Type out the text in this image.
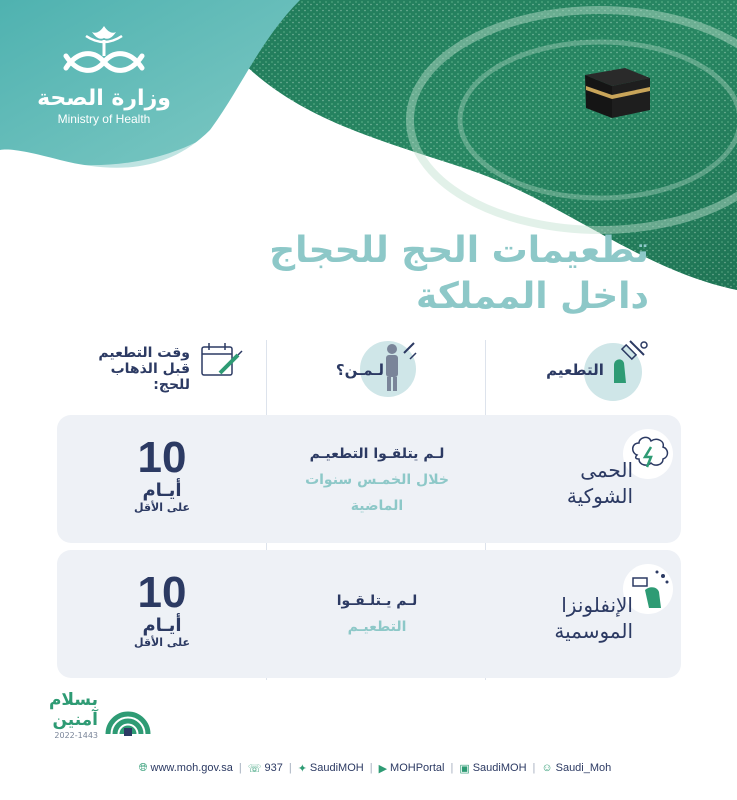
وزارة الصحة
Ministry of Health
تطعيمات الحج للحجاج
داخل المملكة
التطعيم
لـمـن؟
وقت التطعيم
قبل الذهاب
للحج:
10
أيـام
على الأقل
لـم يتلقـوا التطعيـم
خلال الخمـس سنوات
الماضية
الحمى
الشوكية
10
أيـام
على الأقل
لـم يـتلـقـوا
التطعيـم
الإنفلونزا
الموسمية
بسلام
آمنين
2022-1443
🌐︎ www.moh.gov.sa | ☏ 937 | ✦ SaudiMOH | ▶ MOHPortal | ▣ SaudiMOH | ☺ Saudi_Moh
